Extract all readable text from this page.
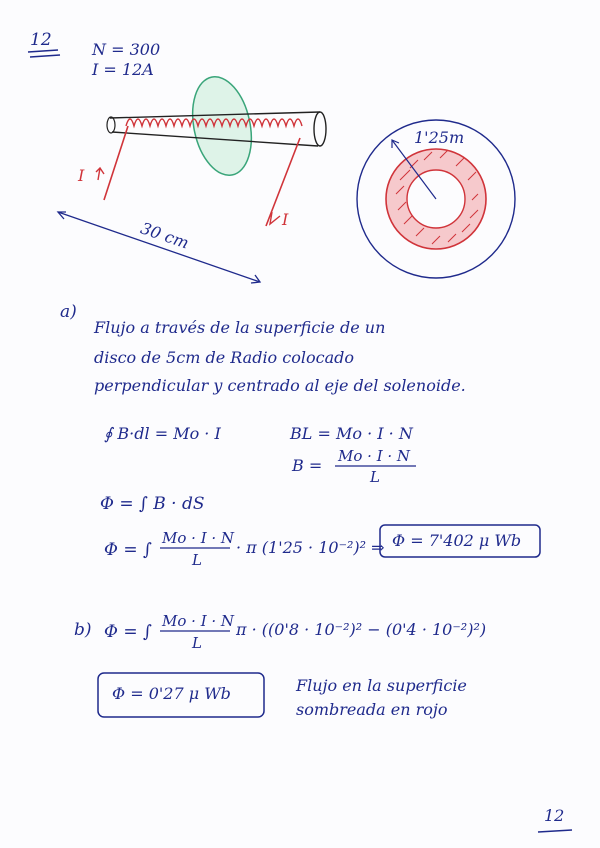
12	N = 300
I = 12A
I
I
30 cm
1'25m
a)
Flujo a través de la superficie de un
disco de 5cm de Radio colocado
perpendicular y centrado al eje del solenoide.
∮ B·dl = Mo · I	BL = Mo · I · N
B = Mo · I · N
L
Φ = ∫ B · dS
Φ = ∫
Mo · I · N
L
· π (1'25 · 10⁻²)² ⇒ Φ = 7'402 μ Wb
b) Φ = ∫
Mo · I · N
L
π · ((0'8 · 10⁻²)² − (0'4 · 10⁻²)²)
Φ = 0'27 μ Wb	Flujo en la superficie
sombreada en rojo
12
